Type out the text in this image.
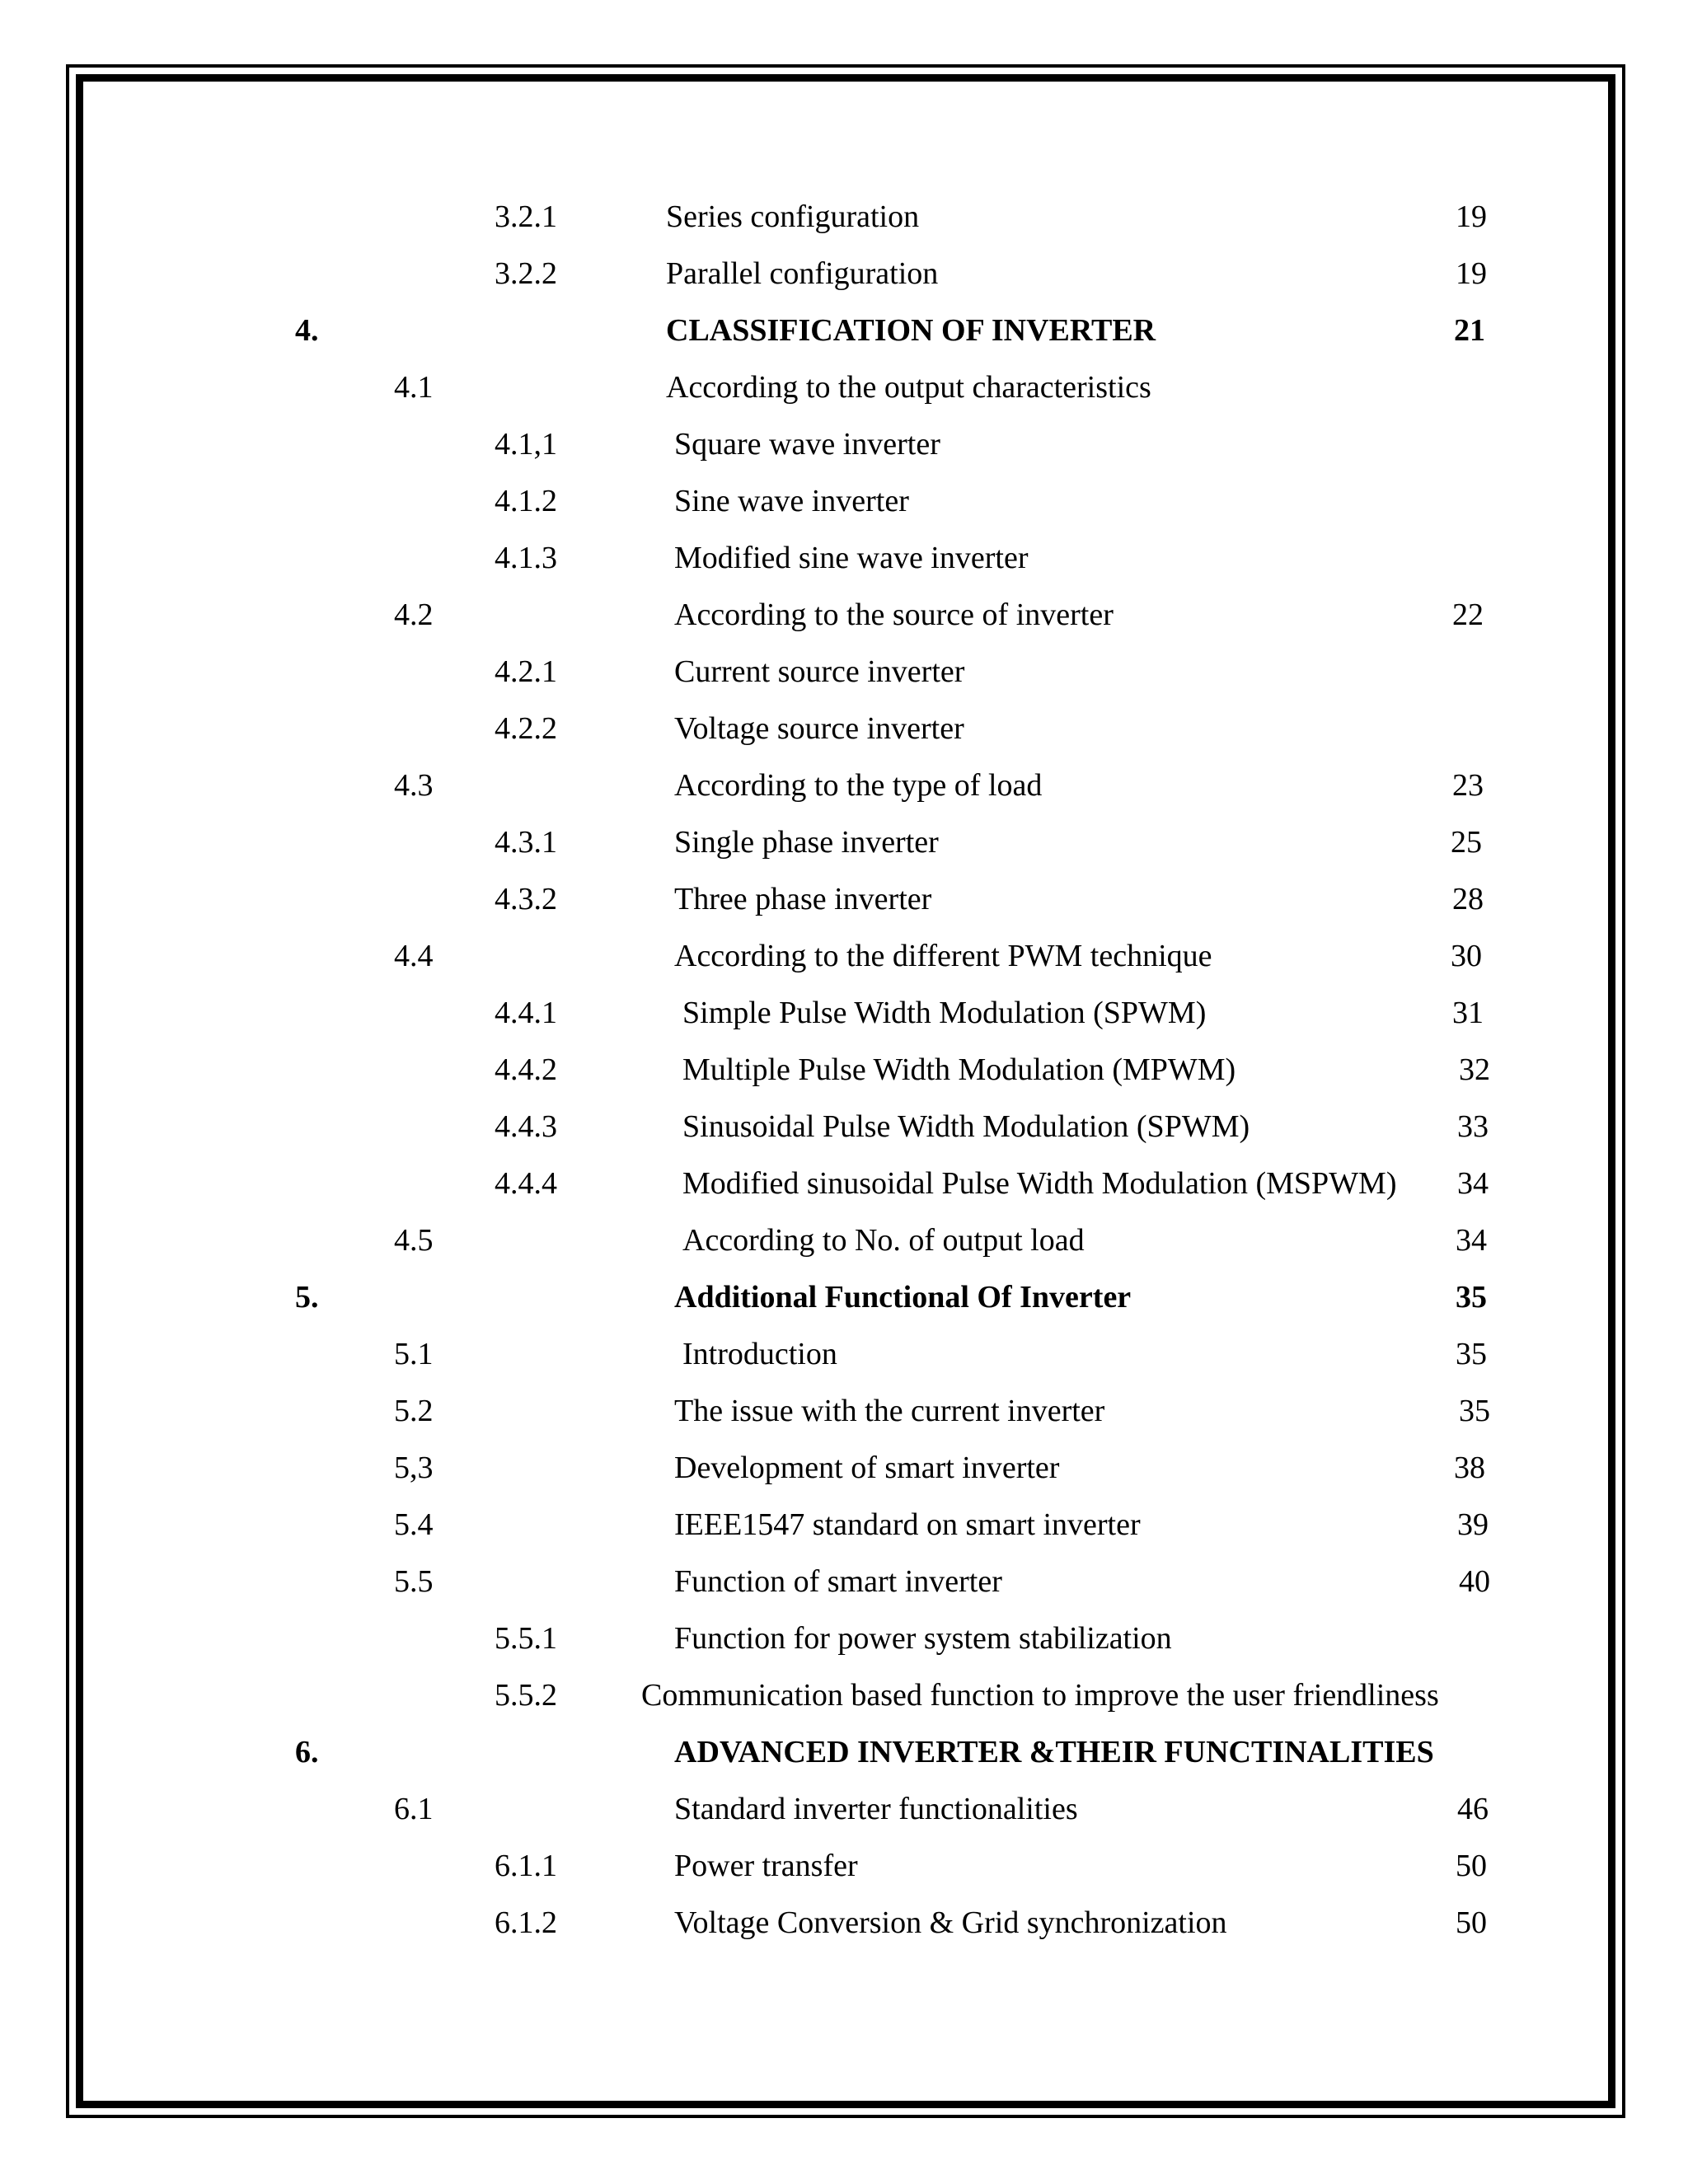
3.2.1	Series configuration	19
3.2.2	Parallel configuration	19
4.	CLASSIFICATION OF INVERTER	21
4.1	According to the output characteristics
4.1,1	Square wave inverter
4.1.2	Sine wave inverter
4.1.3	Modified sine wave inverter
4.2	According to the source of inverter	22
4.2.1	Current source inverter
4.2.2	Voltage source inverter
4.3	According to the type of load	23
4.3.1	Single phase inverter	25
4.3.2	Three phase inverter	28
4.4	According to the different PWM technique	30
4.4.1	Simple Pulse Width Modulation (SPWM)	31
4.4.2	Multiple Pulse Width Modulation (MPWM)	32
4.4.3	Sinusoidal Pulse Width Modulation (SPWM)	33
4.4.4	Modified sinusoidal Pulse Width Modulation (MSPWM) 34
4.5	According to No. of output load	34
5.	Additional Functional Of Inverter	35
5.1	Introduction	35
5.2	The issue with the current inverter	35
5,3	Development of smart inverter	38
5.4	IEEE1547 standard on smart inverter	39
5.5	Function of smart inverter	40
5.5.1	Function for power system stabilization
5.5.2	Communication based function to improve the user friendliness
6.	ADVANCED INVERTER &THEIR FUNCTINALITIES
6.1	Standard inverter functionalities	46
6.1.1	Power transfer	50
6.1.2	Voltage Conversion & Grid synchronization	50
